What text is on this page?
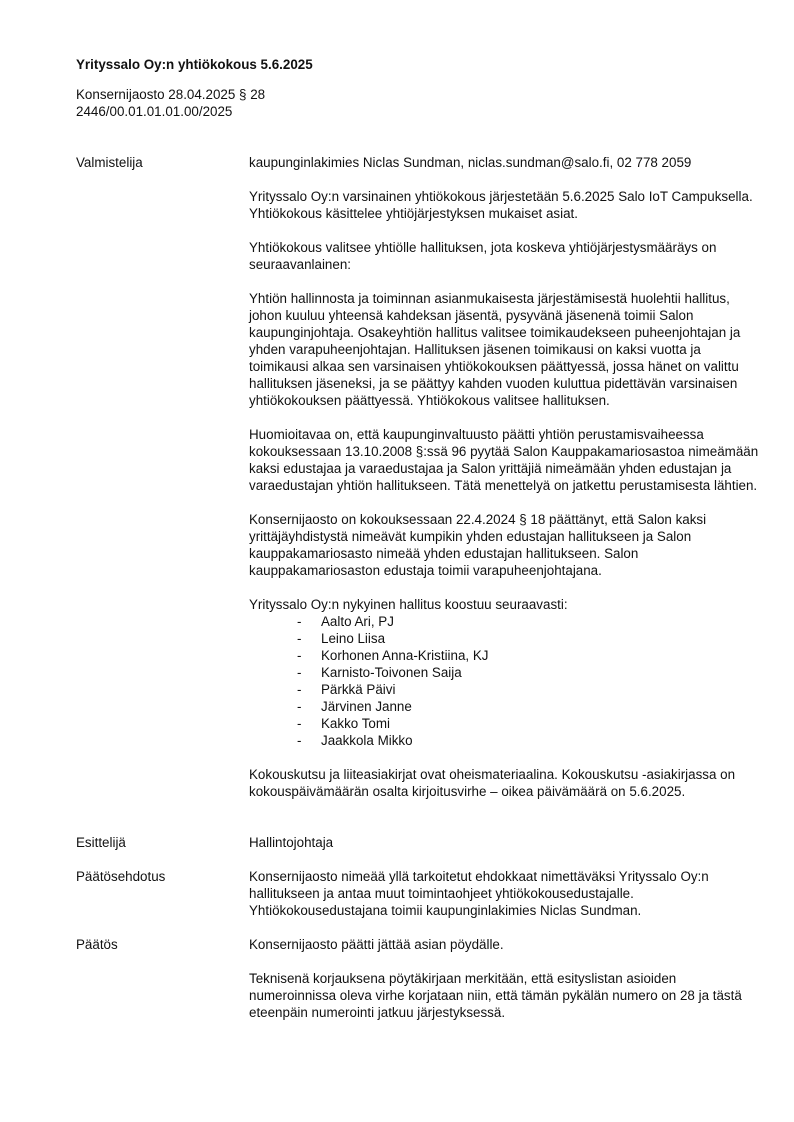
Yrityssalo Oy:n yhtiökokous 5.6.2025
Konsernijaosto 28.04.2025 § 28
2446/00.01.01.01.00/2025
Valmistelija	kaupunginlakimies Niclas Sundman, niclas.sundman@salo.fi, 02 778 2059

Yrityssalo Oy:n varsinainen yhtiökokous järjestetään 5.6.2025 Salo IoT Campuksella. Yhtiökokous käsittelee yhtiöjärjestyksen mukaiset asiat.

Yhtiökokous valitsee yhtiölle hallituksen, jota koskeva yhtiöjärjestysmääräys on seuraavanlainen:

Yhtiön hallinnosta ja toiminnan asianmukaisesta järjestämisestä huolehtii hallitus, johon kuuluu yhteensä kahdeksan jäsentä, pysyvänä jäsenenä toimii Salon kaupunginjohtaja. Osakeyhtiön hallitus valitsee toimikaudekseen puheenjohtajan ja yhden varapuheenjohtajan. Hallituksen jäsenen toimikausi on kaksi vuotta ja toimikausi alkaa sen varsinaisen yhtiökokouksen päättyessä, jossa hänet on valittu hallituksen jäseneksi, ja se päättyy kahden vuoden kuluttua pidettävän varsinaisen yhtiökokouksen päättyessä. Yhtiökokous valitsee hallituksen.

Huomioitavaa on, että kaupunginvaltuusto päätti yhtiön perustamisvaiheessa kokouksessaan 13.10.2008 §:ssä 96 pyytää Salon Kauppakamariosastoa nimeämään kaksi edustajaa ja varaedustajaa ja Salon yrittäjiä nimeämään yhden edustajan ja varaedustajan yhtiön hallitukseen. Tätä menettelyä on jatkettu perustamisesta lähtien.

Konsernijaosto on kokouksessaan 22.4.2024 § 18 päättänyt, että Salon kaksi yrittäjäyhdistystä nimeävät kumpikin yhden edustajan hallitukseen ja Salon kauppakamariosasto nimeää yhden edustajan hallitukseen. Salon kauppakamariosaston edustaja toimii varapuheenjohtajana.

Yrityssalo Oy:n nykyinen hallitus koostuu seuraavasti:

- Aalto Ari, PJ
- Leino Liisa
- Korhonen Anna-Kristiina, KJ
- Karnisto-Toivonen Saija
- Pärkkä Päivi
- Järvinen Janne
- Kakko Tomi
- Jaakkola Mikko

Kokouskutsu ja liiteasiakirjat ovat oheismateriaalina. Kokouskutsu -asiakirjassa on kokouspäivämäärän osalta kirjoitusvirhe – oikea päivämäärä on 5.6.2025.

Esittelijä	Hallintojohtaja

Päätösehdotus	Konsernijaosto nimeää yllä tarkoitetut ehdokkaat nimettäväksi Yrityssalo Oy:n hallitukseen ja antaa muut toimintaohjeet yhtiökokousedustajalle. Yhtiökokousedustajana toimii kaupunginlakimies Niclas Sundman.

Päätös	Konsernijaosto päätti jättää asian pöydälle.

Teknisenä korjauksena pöytäkirjaan merkitään, että esityslistan asioiden numeroinnissa oleva virhe korjataan niin, että tämän pykälän numero on 28 ja tästä eteenpäin numerointi jatkuu järjestyksessä.
